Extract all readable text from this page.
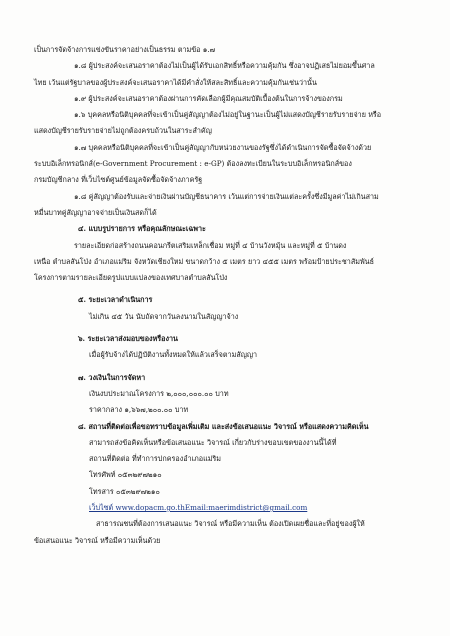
เป็นการจัดจ้างการแข่งขันราคาอย่างเป็นธรรม ตามข้อ ๑.๗
๑.๘ ผู้ประสงค์จะเสนอราคาต้องไม่เป็นผู้ได้รับเอกสิทธิ์หรือความคุ้มกัน ซึ่งอาจปฏิเสธไม่ยอมขึ้นศาล
ไทย เว้นแต่รัฐบาลของผู้ประสงค์จะเสนอราคาได้มีคำสั่งให้สละสิทธิ์และความคุ้มกันเช่นว่านั้น
๑.๙ ผู้ประสงค์จะเสนอราคาต้องผ่านการคัดเลือกผู้มีคุณสมบัติเบื้องต้นในการจ้างของกรม
๑.๖ บุคคลหรือนิติบุคคลที่จะเข้าเป็นคู่สัญญาต้องไม่อยู่ในฐานะเป็นผู้ไม่แสดงบัญชีรายรับรายจ่าย หรือ
แสดงบัญชีรายรับรายจ่ายไม่ถูกต้องครบถ้วนในสาระสำคัญ
๑.๗ บุคคลหรือนิติบุคคลที่จะเข้าเป็นคู่สัญญากับหน่วยงานของรัฐซึ่งได้ดำเนินการจัดซื้อจัดจ้างด้วย
ระบบอิเล็กทรอนิกส์(e-Government Procurement : e-GP) ต้องลงทะเบียนในระบบอิเล็กทรอนิกส์ของ
กรมบัญชีกลาง ที่เว็บไซต์ศูนย์ข้อมูลจัดซื้อจัดจ้างภาครัฐ
๑.๘ คู่สัญญาต้องรับและจ่ายเงินผ่านบัญชีธนาคาร เว้นแต่การจ่ายเงินแต่ละครั้งซึ่งมีมูลค่าไม่เกินสาม
หมื่นบาทคู่สัญญาอาจจ่ายเป็นเงินสดก็ได้
๔. แบบรูปรายการ หรือคุณลักษณะเฉพาะ
รายละเอียดก่อสร้างถนนคอนกรีตเสริมเหล็กเชื่อม หมู่ที่ ๔ บ้านวังหมุ้น และหมู่ที่ ๕ บ้านดง
เหนือ ตำบลสันโป่ง อำเภอแม่ริม จังหวัดเชียงใหม่ ขนาดกว้าง ๕ เมตร ยาว ๔๕๕ เมตร พร้อมป้ายประชาสัมพันธ์
โครงการตามรายละเอียดรูปแบบแปลงของเทศบาลตำบลสันโป่ง
๕. ระยะเวลาดำเนินการ
ไม่เกิน ๔๕ วัน นับถัดจากวันลงนามในสัญญาจ้าง
๖. ระยะเวลาส่งมอบของหรืองาน
เมื่อผู้รับจ้างได้ปฏิบัติงานทั้งหมดให้แล้วเสร็จตามสัญญา
๗. วงเงินในการจัดหา
เงินงบประมาณโครงการ ๒,๐๐๐,๐๐๐.๐๐ บาท
ราคากลาง ๑,๖๖๗,๒๐๐.๐๐ บาท
๘. สถานที่ติดต่อเพื่อขอทราบข้อมูลเพิ่มเติม และส่งข้อเสนอแนะ วิจารณ์ หรือแสดงความคิดเห็น
สามารถส่งข้อคิดเห็นหรือข้อเสนอแนะ วิจารณ์ เกี่ยวกับร่างขอบเขตของงานนี้ได้ที่
สถานที่ติดต่อ ที่ทำการปกครองอำเภอแม่ริม
โทรศัพท์ ๐๕๓๒๙๗๒๑๐
โทรสาร ๐๕๓๒๙๗๒๑๐
เว็บไซต์ www.dopacm.go.thEmail:maerimdistrict@gmail.com
สาธารณชนที่ต้องการเสนอแนะ วิจารณ์ หรือมีความเห็น ต้องเปิดเผยชื่อและที่อยู่ของผู้ให้
ข้อเสนอแนะ วิจารณ์ หรือมีความเห็นด้วย
